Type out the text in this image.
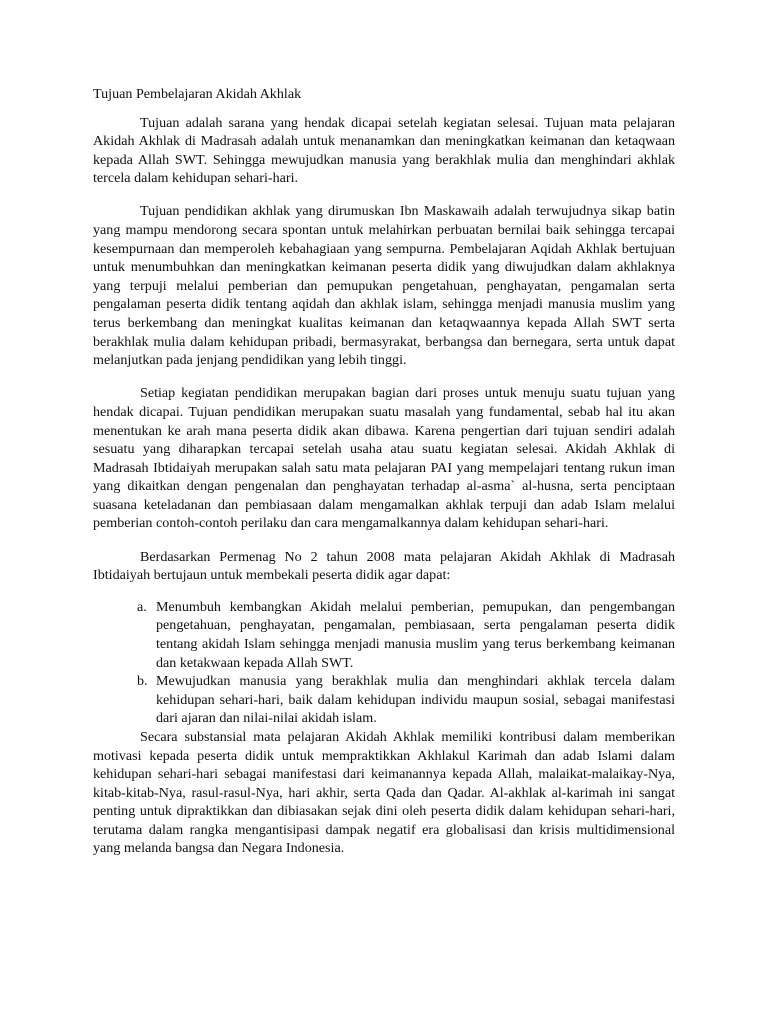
Tujuan Pembelajaran Akidah Akhlak

Tujuan adalah sarana yang hendak dicapai setelah kegiatan selesai. Tujuan mata pelajaran Akidah Akhlak di Madrasah adalah untuk menanamkan dan meningkatkan keimanan dan ketaqwaan kepada Allah SWT. Sehingga mewujudkan manusia yang berakhlak mulia dan menghindari akhlak tercela dalam kehidupan sehari-hari.

Tujuan pendidikan akhlak yang dirumuskan Ibn Maskawaih adalah terwujudnya sikap batin yang mampu mendorong secara spontan untuk melahirkan perbuatan bernilai baik sehingga tercapai kesempurnaan dan memperoleh kebahagiaan yang sempurna. Pembelajaran Aqidah Akhlak bertujuan untuk menumbuhkan dan meningkatkan keimanan peserta didik yang diwujudkan dalam akhlaknya yang terpuji melalui pemberian dan pemupukan pengetahuan, penghayatan, pengamalan serta pengalaman peserta didik tentang aqidah dan akhlak islam, sehingga menjadi manusia muslim yang terus berkembang dan meningkat kualitas keimanan dan ketaqwaannya kepada Allah SWT serta berakhlak mulia dalam kehidupan pribadi, bermasyrakat, berbangsa dan bernegara, serta untuk dapat melanjutkan pada jenjang pendidikan yang lebih tinggi.

Setiap kegiatan pendidikan merupakan bagian dari proses untuk menuju suatu tujuan yang hendak dicapai. Tujuan pendidikan merupakan suatu masalah yang fundamental, sebab hal itu akan menentukan ke arah mana peserta didik akan dibawa. Karena pengertian dari tujuan sendiri adalah sesuatu yang diharapkan tercapai setelah usaha atau suatu kegiatan selesai. Akidah Akhlak di Madrasah Ibtidaiyah merupakan salah satu mata pelajaran PAI yang mempelajari tentang rukun iman yang dikaitkan dengan pengenalan dan penghayatan terhadap al-asma` al-husna, serta penciptaan suasana keteladanan dan pembiasaan dalam mengamalkan akhlak terpuji dan adab Islam melalui pemberian contoh-contoh perilaku dan cara mengamalkannya dalam kehidupan sehari-hari.

Berdasarkan Permenag No 2 tahun 2008 mata pelajaran Akidah Akhlak di Madrasah Ibtidaiyah bertujaun untuk membekali peserta didik agar dapat:

a. Menumbuh kembangkan Akidah melalui pemberian, pemupukan, dan pengembangan pengetahuan, penghayatan, pengamalan, pembiasaan, serta pengalaman peserta didik tentang akidah Islam sehingga menjadi manusia muslim yang terus berkembang keimanan dan ketakwaan kepada Allah SWT.
b. Mewujudkan manusia yang berakhlak mulia dan menghindari akhlak tercela dalam kehidupan sehari-hari, baik dalam kehidupan individu maupun sosial, sebagai manifestasi dari ajaran dan nilai-nilai akidah islam.

Secara substansial mata pelajaran Akidah Akhlak memiliki kontribusi dalam memberikan motivasi kepada peserta didik untuk mempraktikkan Akhlakul Karimah dan adab Islami dalam kehidupan sehari-hari sebagai manifestasi dari keimanannya kepada Allah, malaikat-malaikay-Nya, kitab-kitab-Nya, rasul-rasul-Nya, hari akhir, serta Qada dan Qadar. Al-akhlak al-karimah ini sangat penting untuk dipraktikkan dan dibiasakan sejak dini oleh peserta didik dalam kehidupan sehari-hari, terutama dalam rangka mengantisipasi dampak negatif era globalisasi dan krisis multidimensional yang melanda bangsa dan Negara Indonesia.
